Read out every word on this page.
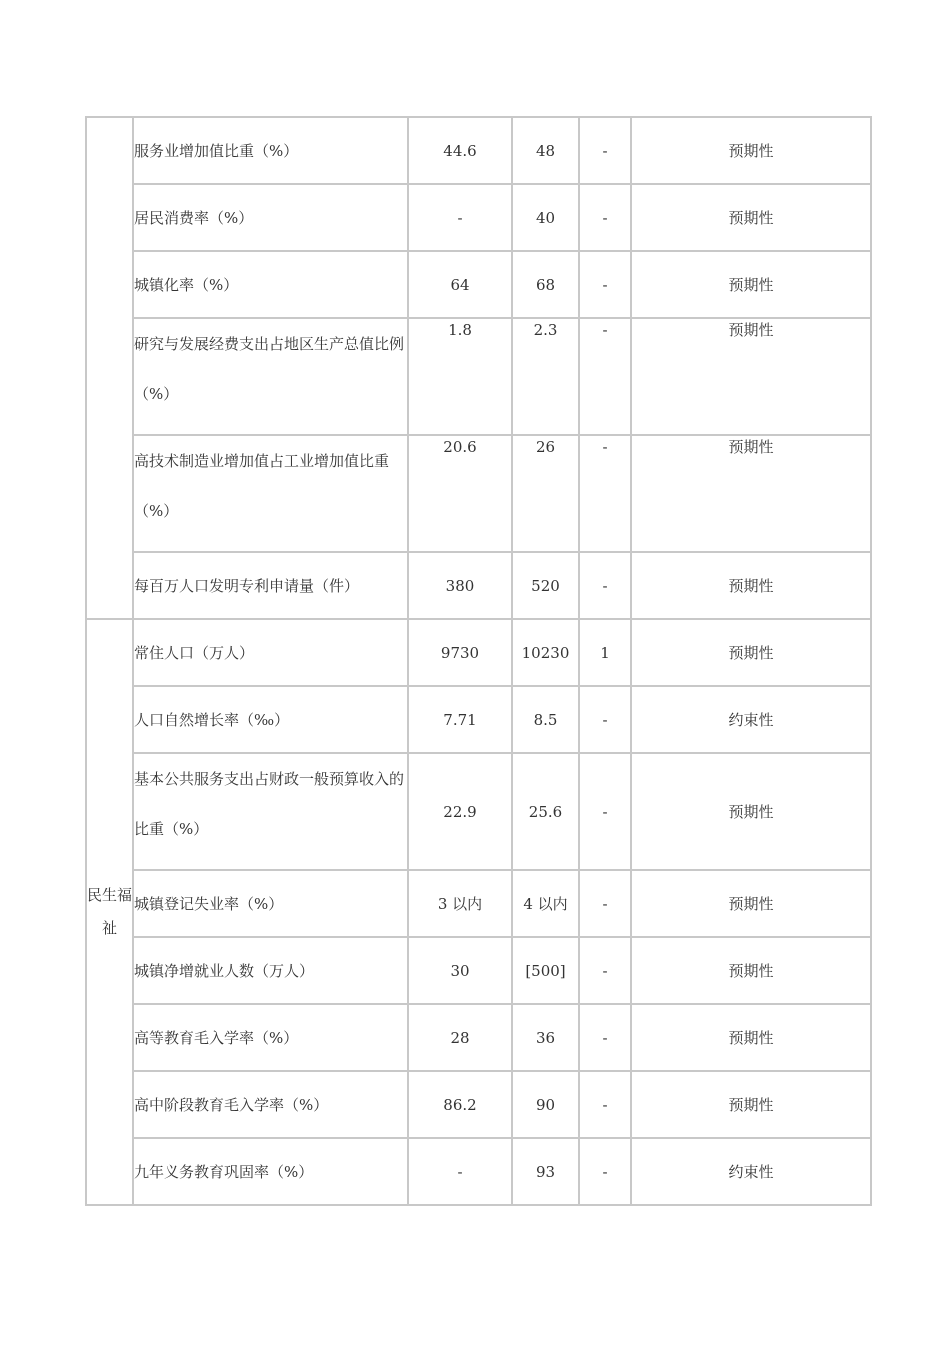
	服务业增加值比重（%）	44.6	48	-	预期性
	居民消费率（%）	-	40	-	预期性
	城镇化率（%）	64	68	-	预期性
	研究与发展经费支出占地区生产总值比例（%）	1.8	2.3	-	预期性
	高技术制造业增加值占工业增加值比重（%）	20.6	26	-	预期性
	每百万人口发明专利申请量（件）	380	520	-	预期性
民生福祉	常住人口（万人）	9730	10230	1	预期性
	人口自然增长率（‰）	7.71	8.5	-	约束性
	基本公共服务支出占财政一般预算收入的比重（%）	22.9	25.6	-	预期性
	城镇登记失业率（%）	3 以内	4 以内	-	预期性
	城镇净增就业人数（万人）	30	[500]	-	预期性
	高等教育毛入学率（%）	28	36	-	预期性
	高中阶段教育毛入学率（%）	86.2	90	-	预期性
	九年义务教育巩固率（%）	-	93	-	约束性
